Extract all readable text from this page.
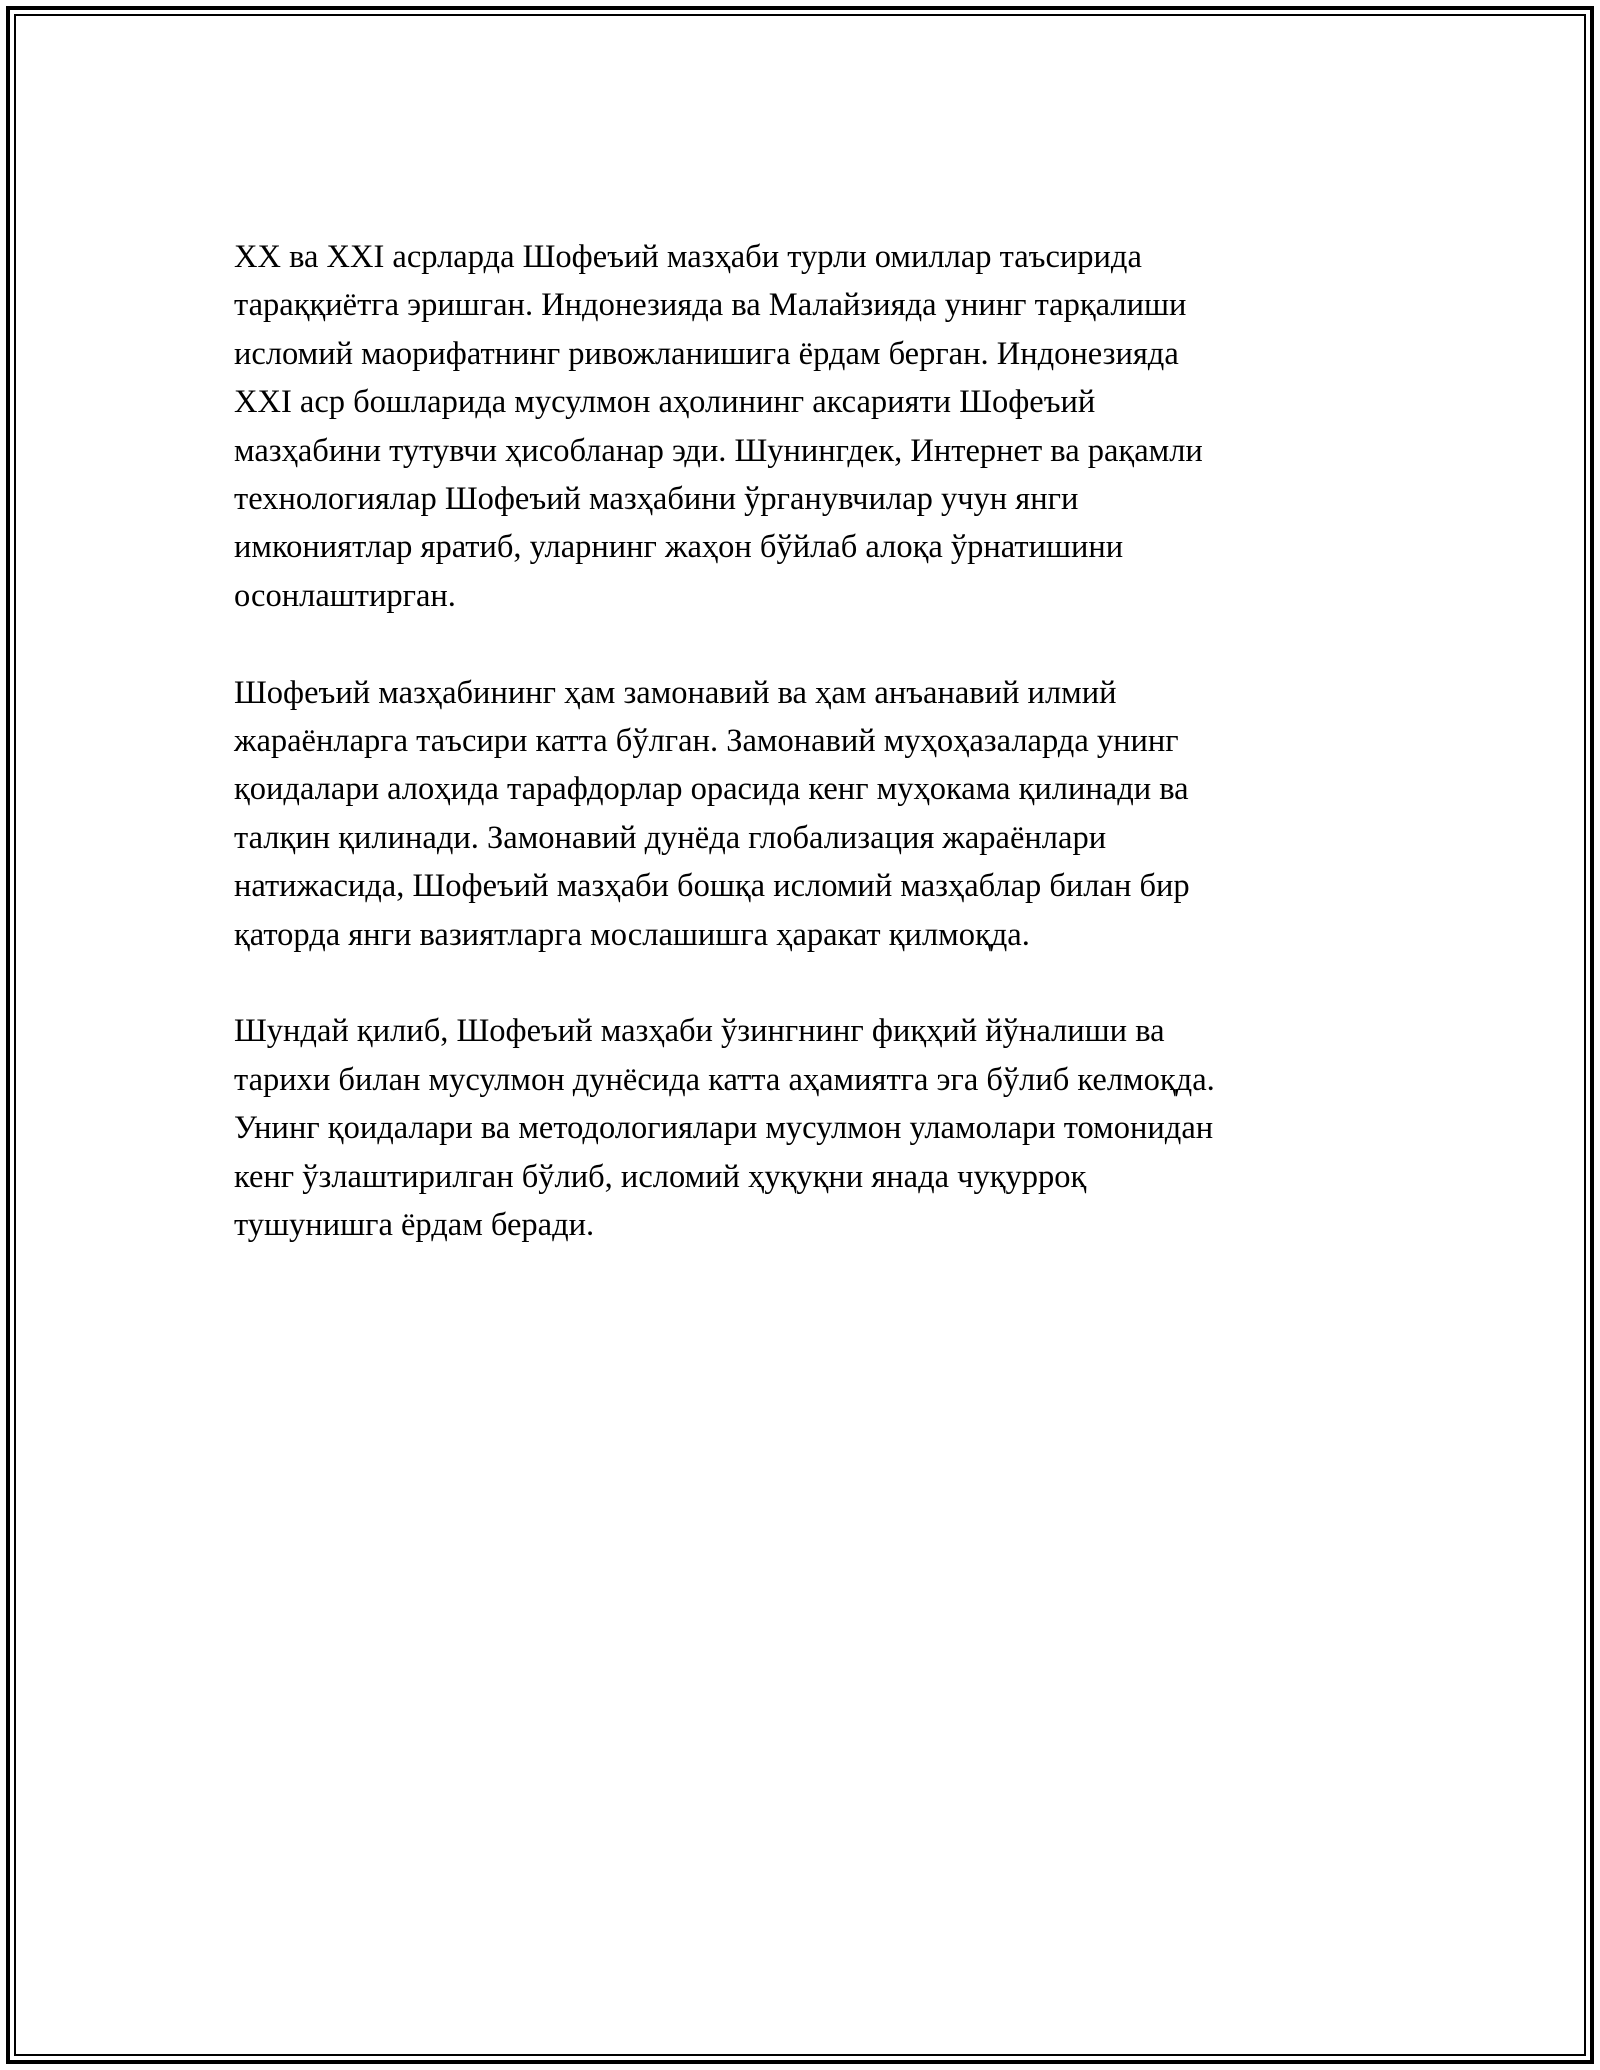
XX ва XXI асрларда Шофеъий мазҳаби турли омиллар таъсирида
тараққиётга эришган. Индонезияда ва Малайзияда унинг тарқалиши
исломий маорифатнинг ривожланишига ёрдам берган. Индонезияда
XXI аср бошларида мусулмон аҳолининг аксарияти Шофеъий
мазҳабини тутувчи ҳисобланар эди. Шунингдек, Интернет ва рақамли
технологиялар Шофеъий мазҳабини ўрганувчилар учун янги
имкониятлар яратиб, уларнинг жаҳон бўйлаб алоқа ўрнатишини
осонлаштирган.

Шофеъий мазҳабининг ҳам замонавий ва ҳам анъанавий илмий
жараёнларга таъсири катта бўлган. Замонавий муҳоҳазаларда унинг
қоидалари алоҳида тарафдорлар орасида кенг муҳокама қилинади ва
талқин қилинади. Замонавий дунёда глобализация жараёнлари
натижасида, Шофеъий мазҳаби бошқа исломий мазҳаблар билан бир
қаторда янги вазиятларга мослашишга ҳаракат қилмоқда.

Шундай қилиб, Шофеъий мазҳаби ўзингнинг фиқҳий йўналиши ва
тарихи билан мусулмон дунёсида катта аҳамиятга эга бўлиб келмоқда.
Унинг қоидалари ва методологиялари мусулмон уламолари томонидан
кенг ўзлаштирилган бўлиб, исломий ҳуқуқни янада чуқурроқ
тушунишга ёрдам беради.
